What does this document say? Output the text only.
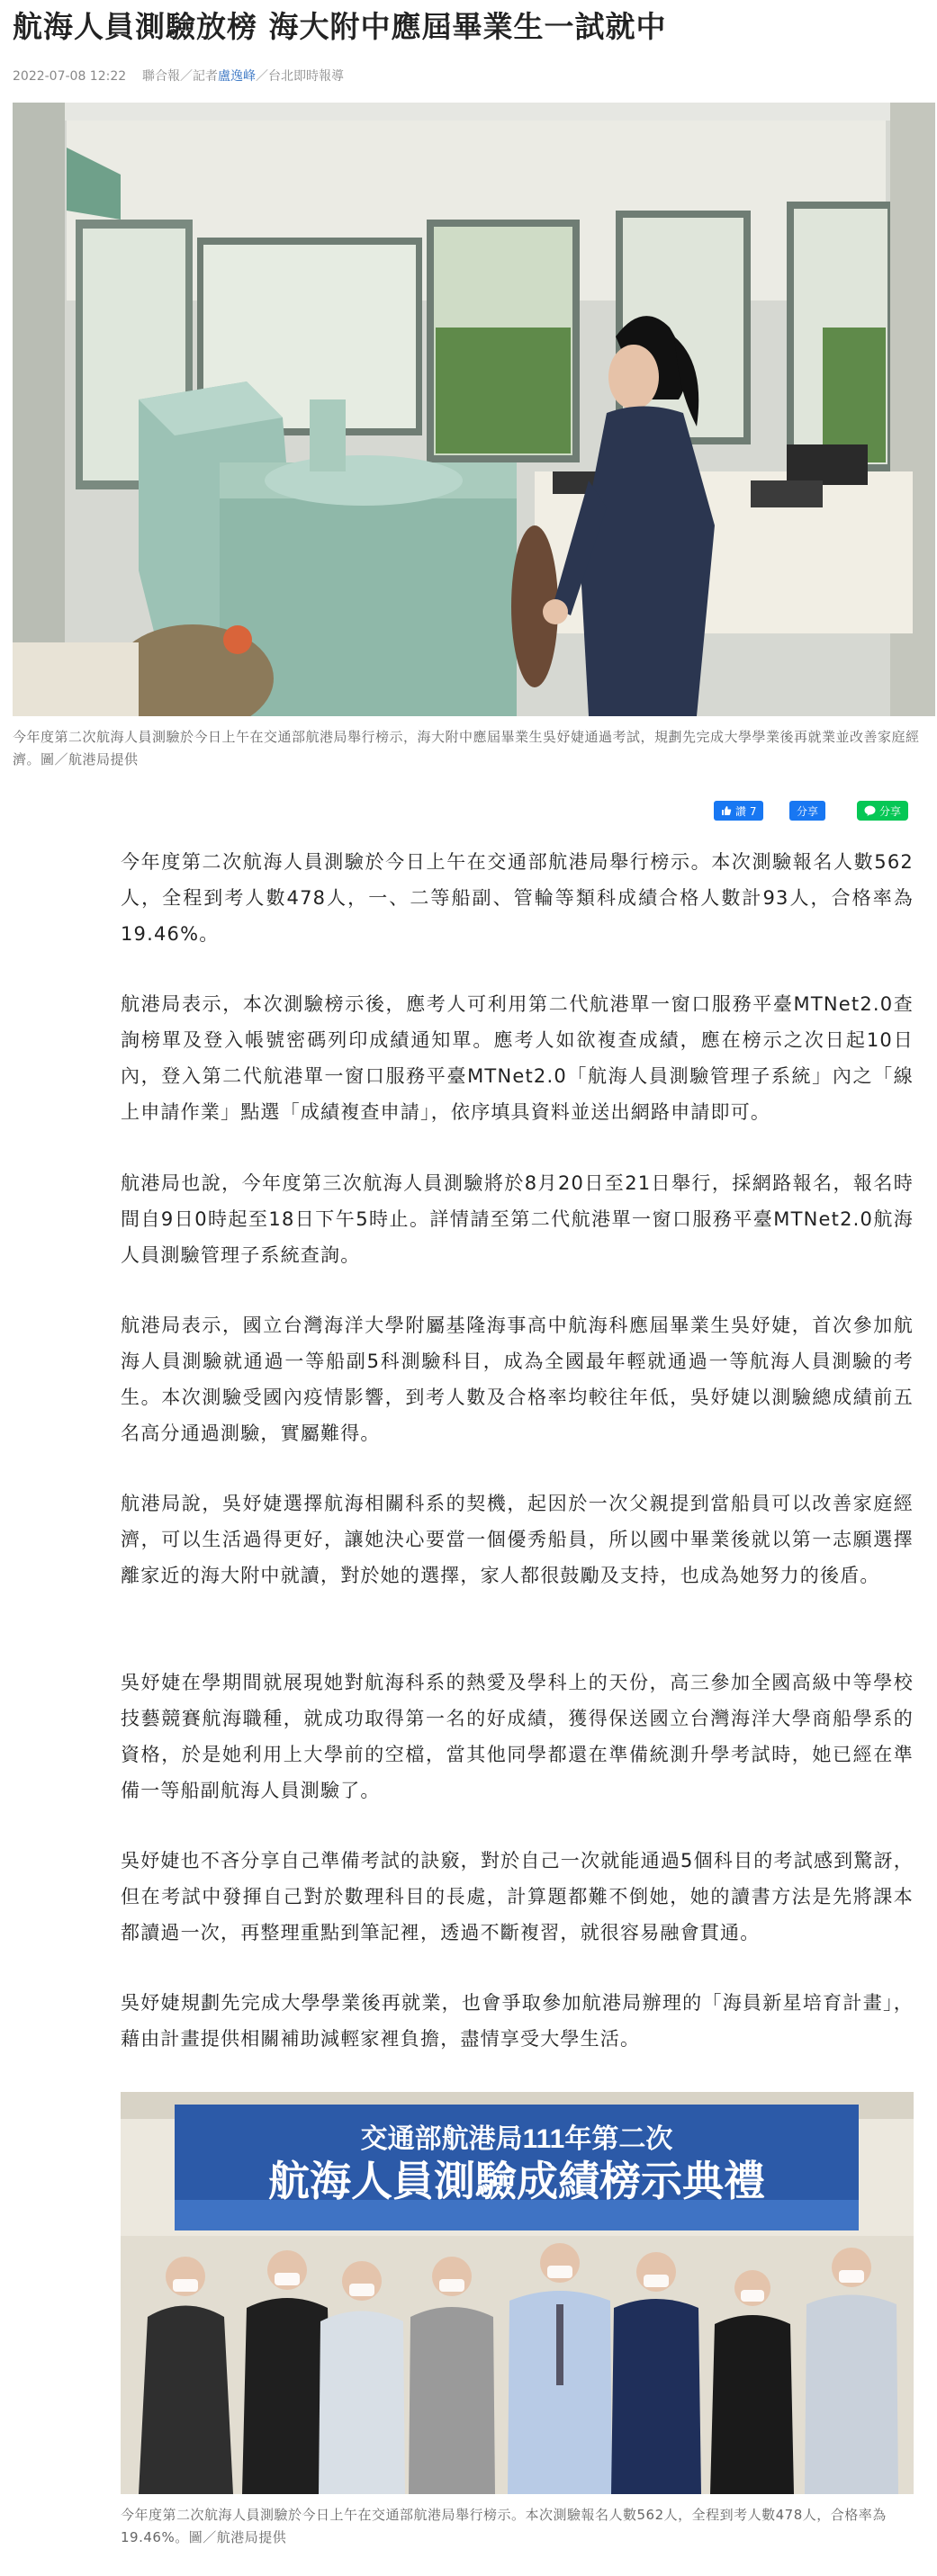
航海人員測驗放榜 海大附中應屆畢業生一試就中
2022-07-08 12:22 聯合報／記者盧逸峰／台北即時報導
今年度第二次航海人員測驗於今日上午在交通部航港局舉行榜示，海大附中應屆畢業生吳妤婕通過考試，規劃先完成大學學業後再就業並改善家庭經濟。圖／航港局提供
讚 7	分享	分享

今年度第二次航海人員測驗於今日上午在交通部航港局舉行榜示。本次測驗報名人數562人，全程到考人數478人，一、二等船副、管輪等類科成績合格人數計93人，合格率為19.46%。

航港局表示，本次測驗榜示後，應考人可利用第二代航港單一窗口服務平臺MTNet2.0查詢榜單及登入帳號密碼列印成績通知單。應考人如欲複查成績，應在榜示之次日起10日內，登入第二代航港單一窗口服務平臺MTNet2.0「航海人員測驗管理子系統」內之「線上申請作業」點選「成績複查申請」，依序填具資料並送出網路申請即可。

航港局也說，今年度第三次航海人員測驗將於8月20日至21日舉行，採網路報名，報名時間自9日0時起至18日下午5時止。詳情請至第二代航港單一窗口服務平臺MTNet2.0航海人員測驗管理子系統查詢。

航港局表示，國立台灣海洋大學附屬基隆海事高中航海科應屆畢業生吳妤婕，首次參加航海人員測驗就通過一等船副5科測驗科目，成為全國最年輕就通過一等航海人員測驗的考生。本次測驗受國內疫情影響，到考人數及合格率均較往年低，吳妤婕以測驗總成績前五名高分通過測驗，實屬難得。

航港局說，吳妤婕選擇航海相關科系的契機，起因於一次父親提到當船員可以改善家庭經濟，可以生活過得更好，讓她決心要當一個優秀船員，所以國中畢業後就以第一志願選擇離家近的海大附中就讀，對於她的選擇，家人都很鼓勵及支持，也成為她努力的後盾。

吳妤婕在學期間就展現她對航海科系的熱愛及學科上的天份，高三參加全國高級中等學校技藝競賽航海職種，就成功取得第一名的好成績，獲得保送國立台灣海洋大學商船學系的資格，於是她利用上大學前的空檔，當其他同學都還在準備統測升學考試時，她已經在準備一等船副航海人員測驗了。

吳妤婕也不吝分享自己準備考試的訣竅，對於自己一次就能通過5個科目的考試感到驚訝，但在考試中發揮自己對於數理科目的長處，計算題都難不倒她，她的讀書方法是先將課本都讀過一次，再整理重點到筆記裡，透過不斷複習，就很容易融會貫通。

吳妤婕規劃先完成大學學業後再就業，也會爭取參加航港局辦理的「海員新星培育計畫」，藉由計畫提供相關補助減輕家裡負擔，盡情享受大學生活。

交通部航港局111年第二次
航海人員測驗成績榜示典禮
今年度第二次航海人員測驗於今日上午在交通部航港局舉行榜示。本次測驗報名人數562人，全程到考人數478人，合格率為19.46%。圖／航港局提供
